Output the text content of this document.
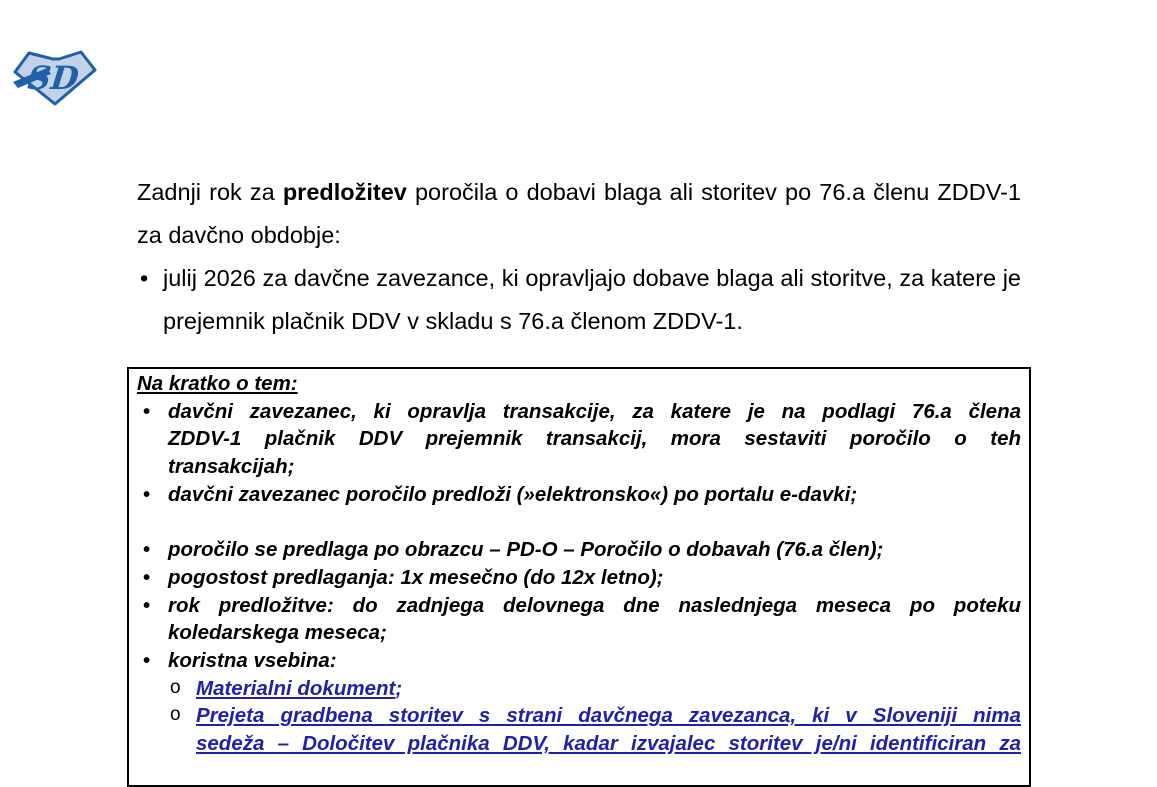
SD

Zadnji rok za predložitev poročila o dobavi blaga ali storitev po 76.a členu ZDDV-1
za davčno obdobje:

• julij 2026 za davčne zavezance, ki opravljajo dobave blaga ali storitve, za katere je
prejemnik plačnik DDV v skladu s 76.a členom ZDDV-1.
Na kratko o tem:
• davčni zavezanec, ki opravlja transakcije, za katere je na podlagi 76.a člena
ZDDV-1 plačnik DDV prejemnik transakcij, mora sestaviti poročilo o teh
transakcijah;
• davčni zavezanec poročilo predloži (»elektronsko«) po portalu e-davki;
• poročilo se predlaga po obrazcu – PD-O – Poročilo o dobavah (76.a člen);
• pogostost predlaganja: 1x mesečno (do 12x letno);
• rok predložitve: do zadnjega delovnega dne naslednjega meseca po poteku
koledarskega meseca;
• koristna vsebina:
o Materialni dokument;
o Prejeta gradbena storitev s strani davčnega zavezanca, ki v Sloveniji nima
sedeža – Določitev plačnika DDV, kadar izvajalec storitev je/ni identificiran za
